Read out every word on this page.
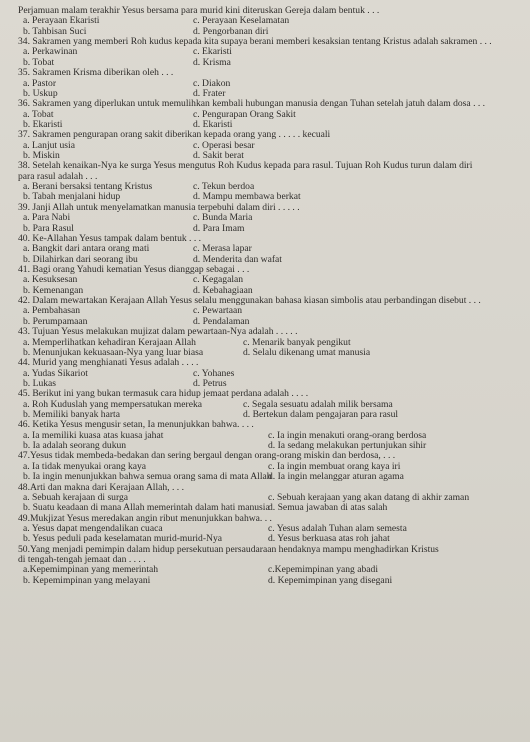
Perjamuan malam terakhir Yesus bersama para murid kini diteruskan Gereja dalam bentuk . . .
a. Perayaan Ekaristi	c. Perayaan Keselamatan
b. Tahbisan Suci	d. Pengorbanan diri
34. Sakramen yang memberi Roh kudus kepada kita supaya berani memberi kesaksian tentang Kristus adalah sakramen . . .
a. Perkawinan	c. Ekaristi
b. Tobat	d. Krisma
35. Sakramen Krisma diberikan oleh . . .
a. Pastor	c. Diakon
b. Uskup	d. Frater
36. Sakramen yang diperlukan untuk memulihkan kembali hubungan manusia dengan Tuhan setelah jatuh dalam dosa . . .
a. Tobat	c. Pengurapan Orang Sakit
b. Ekaristi	d. Ekaristi
37. Sakramen pengurapan orang sakit diberikan kepada orang yang . . . . . kecuali
a. Lanjut usia	c. Operasi besar
b. Miskin	d. Sakit berat
38. Setelah kenaikan-Nya ke surga Yesus mengutus Roh Kudus kepada para rasul. Tujuan Roh Kudus turun dalam diri
para rasul adalah . . .
a. Berani bersaksi tentang Kristus	c. Tekun berdoa
b. Tabah menjalani hidup	d. Mampu membawa berkat
39. Janji Allah untuk menyelamatkan manusia terpebuhi dalam diri . . . . .
a. Para Nabi	c. Bunda Maria
b. Para Rasul	d. Para Imam
40. Ke-Allahan Yesus tampak dalam bentuk . . .
a. Bangkit dari antara orang mati	c. Merasa lapar
b. Dilahirkan dari seorang ibu	d. Menderita dan wafat
41. Bagi orang Yahudi kematian Yesus dianggap sebagai . . .
a. Kesuksesan	c. Kegagalan
b. Kemenangan	d. Kebahagiaan
42. Dalam mewartakan Kerajaan Allah Yesus selalu menggunakan bahasa kiasan simbolis atau perbandingan disebut . . .
a. Pembahasan	c. Pewartaan
b. Perumpamaan	d. Pendalaman
43. Tujuan Yesus melakukan mujizat dalam pewartaan-Nya adalah . . . . .
a. Memperlihatkan kehadiran Kerajaan Allah	c. Menarik banyak pengikut
b. Menunjukan kekuasaan-Nya yang luar biasa	d. Selalu dikenang umat manusia
44. Murid yang menghianati Yesus adalah . . . .
a. Yudas Sikariot	c. Yohanes
b. Lukas	d. Petrus
45. Berikut ini yang bukan termasuk cara hidup jemaat perdana adalah . . . .
a. Roh Kuduslah yang mempersatukan mereka	c. Segala sesuatu adalah milik bersama
b. Memiliki banyak harta	d. Bertekun dalam pengajaran para rasul
46. Ketika Yesus mengusir setan, Ia menunjukkan bahwa. . . .
a. Ia memiliki kuasa atas kuasa jahat	c. Ia ingin menakuti orang-orang berdosa
b. Ia adalah seorang dukun	d. Ia sedang melakukan pertunjukan sihir
47.Yesus tidak membeda-bedakan dan sering bergaul dengan orang-orang miskin dan berdosa, . . .
a. Ia tidak menyukai orang kaya	c. Ia ingin membuat orang kaya iri
b. Ia ingin menunjukkan bahwa semua orang sama di mata Allah
d. Ia ingin melanggar aturan agama
48.Arti dan makna dari Kerajaan Allah, . . .
a. Sebuah kerajaan di surga	c. Sebuah kerajaan yang akan datang di akhir zaman
b. Suatu keadaan di mana Allah memerintah dalam hati manusia
d. Semua jawaban di atas salah
49.Mukjizat Yesus meredakan angin ribut menunjukkan bahwa. . .
a. Yesus dapat mengendalikan cuaca	c. Yesus adalah Tuhan alam semesta
b. Yesus peduli pada keselamatan murid-murid-Nya	d. Yesus berkuasa atas roh jahat
50.Yang menjadi pemimpin dalam hidup persekutuan persaudaraan hendaknya mampu menghadirkan Kristus
di tengah-tengah jemaat dan . . . .
a.Kepemimpinan yang memerintah	c.Kepemimpinan yang abadi
b. Kepemimpinan yang melayani	d. Kepemimpinan yang disegani
